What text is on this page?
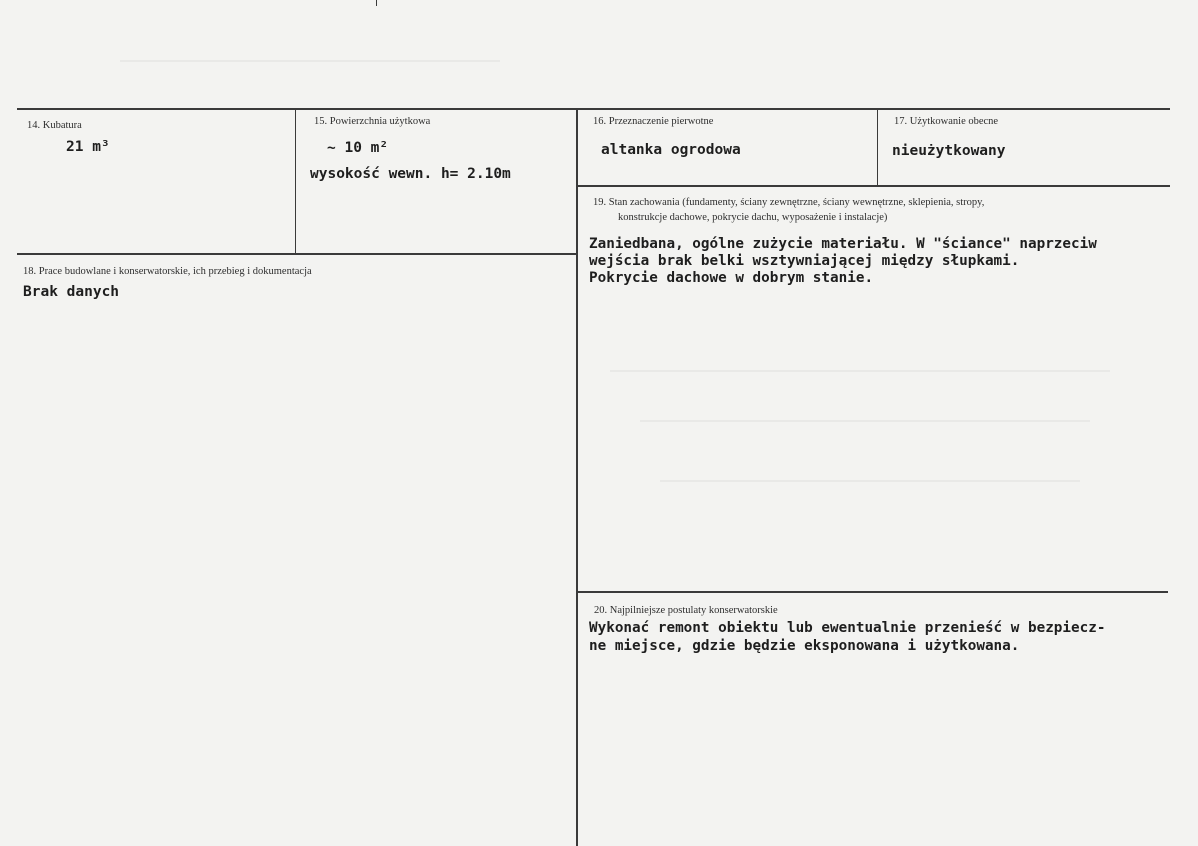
14. Kubatura
21 m³
15. Powierzchnia użytkowa
~ 10 m²
wysokość wewn. h= 2.10m
16. Przeznaczenie pierwotne
altanka ogrodowa
17. Użytkowanie obecne
nieużytkowany
18. Prace budowlane i konserwatorskie, ich przebieg i dokumentacja
Brak danych
19. Stan zachowania (fundamenty, ściany zewnętrzne, ściany wewnętrzne, sklepienia, stropy,
konstrukcje dachowe, pokrycie dachu, wyposażenie i instalacje)
Zaniedbana, ogólne zużycie materiału. W "ściance" naprzeciw
wejścia brak belki wsztywniającej między słupkami.
Pokrycie dachowe w dobrym stanie.
20. Najpilniejsze postulaty konserwatorskie
Wykonać remont obiektu lub ewentualnie przenieść w bezpiecz-
ne miejsce, gdzie będzie eksponowana i użytkowana.
